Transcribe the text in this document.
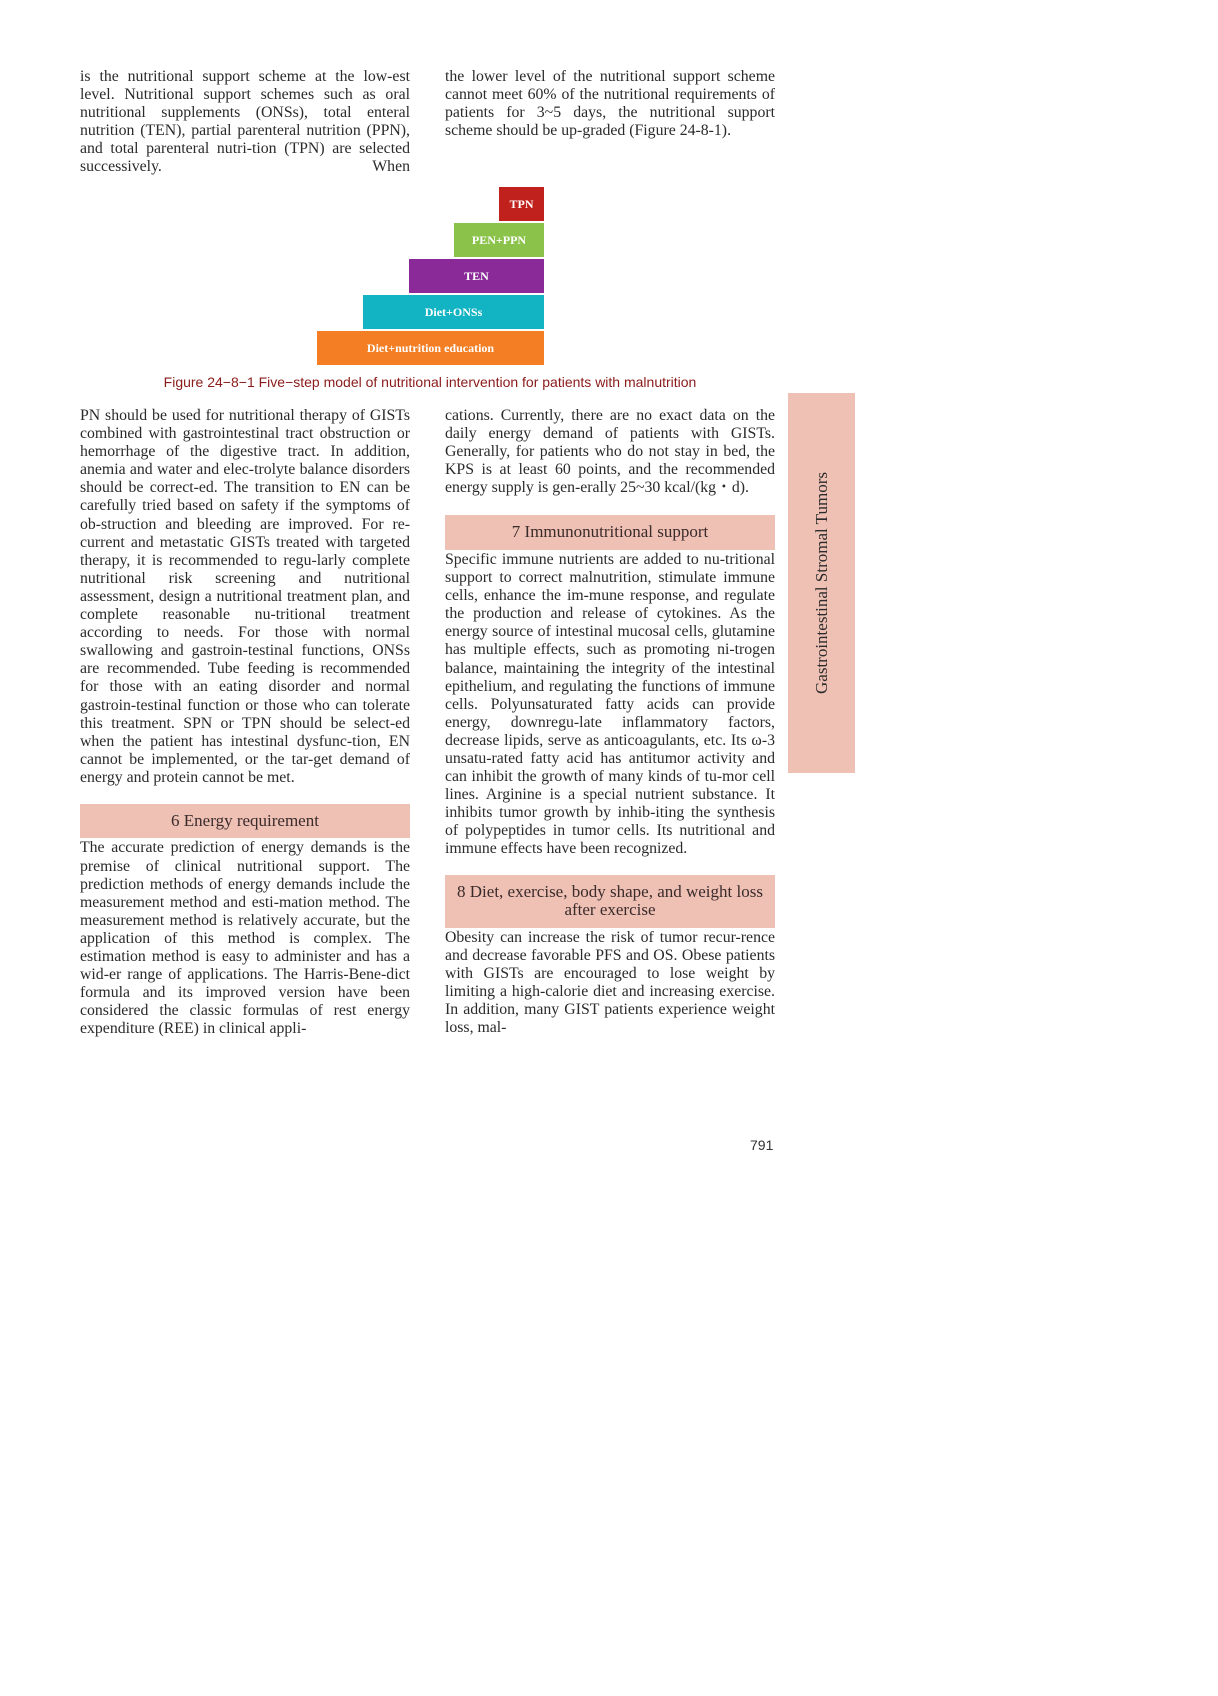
is the nutritional support scheme at the low-est level. Nutritional support schemes such as oral nutritional supplements (ONSs), total enteral nutrition (TEN), partial parenteral nutrition (PPN), and total parenteral nutri-tion (TPN) are selected successively. When

the lower level of the nutritional support scheme cannot meet 60% of the nutritional requirements of patients for 3~5 days, the nutritional support scheme should be up-graded (Figure 24-8-1).

TPN
PEN+PPN
TEN
Diet+ONSs
Diet+nutrition education
Figure 24−8−1 Five−step model of nutritional intervention for patients with malnutrition

PN should be used for nutritional therapy of GISTs combined with gastrointestinal tract obstruction or hemorrhage of the digestive tract. In addition, anemia and water and elec-trolyte balance disorders should be correct-ed. The transition to EN can be carefully tried based on safety if the symptoms of ob-struction and bleeding are improved. For re-current and metastatic GISTs treated with targeted therapy, it is recommended to regu-larly complete nutritional risk screening and nutritional assessment, design a nutritional treatment plan, and complete reasonable nu-tritional treatment according to needs. For those with normal swallowing and gastroin-testinal functions, ONSs are recommended. Tube feeding is recommended for those with an eating disorder and normal gastroin-testinal function or those who can tolerate this treatment. SPN or TPN should be select-ed when the patient has intestinal dysfunc-tion, EN cannot be implemented, or the tar-get demand of energy and protein cannot be met.

6 Energy requirement

The accurate prediction of energy demands is the premise of clinical nutritional support. The prediction methods of energy demands include the measurement method and esti-mation method. The measurement method is relatively accurate, but the application of this method is complex. The estimation method is easy to administer and has a wid-er range of applications. The Harris-Bene-dict formula and its improved version have been considered the classic formulas of rest energy expenditure (REE) in clinical appli-

cations. Currently, there are no exact data on the daily energy demand of patients with GISTs. Generally, for patients who do not stay in bed, the KPS is at least 60 points, and the recommended energy supply is gen-erally 25~30 kcal/(kg・d).

7 Immunonutritional support

Specific immune nutrients are added to nu-tritional support to correct malnutrition, stimulate immune cells, enhance the im-mune response, and regulate the production and release of cytokines. As the energy source of intestinal mucosal cells, glutamine has multiple effects, such as promoting ni-trogen balance, maintaining the integrity of the intestinal epithelium, and regulating the functions of immune cells. Polyunsaturated fatty acids can provide energy, downregu-late inflammatory factors, decrease lipids, serve as anticoagulants, etc. Its ω-3 unsatu-rated fatty acid has antitumor activity and can inhibit the growth of many kinds of tu-mor cell lines. Arginine is a special nutrient substance. It inhibits tumor growth by inhib-iting the synthesis of polypeptides in tumor cells. Its nutritional and immune effects have been recognized.

8 Diet, exercise, body shape, and weight loss after exercise

Obesity can increase the risk of tumor recur-rence and decrease favorable PFS and OS. Obese patients with GISTs are encouraged to lose weight by limiting a high-calorie diet and increasing exercise. In addition, many GIST patients experience weight loss, mal-

Gastrointestinal Stromal Tumors
791
